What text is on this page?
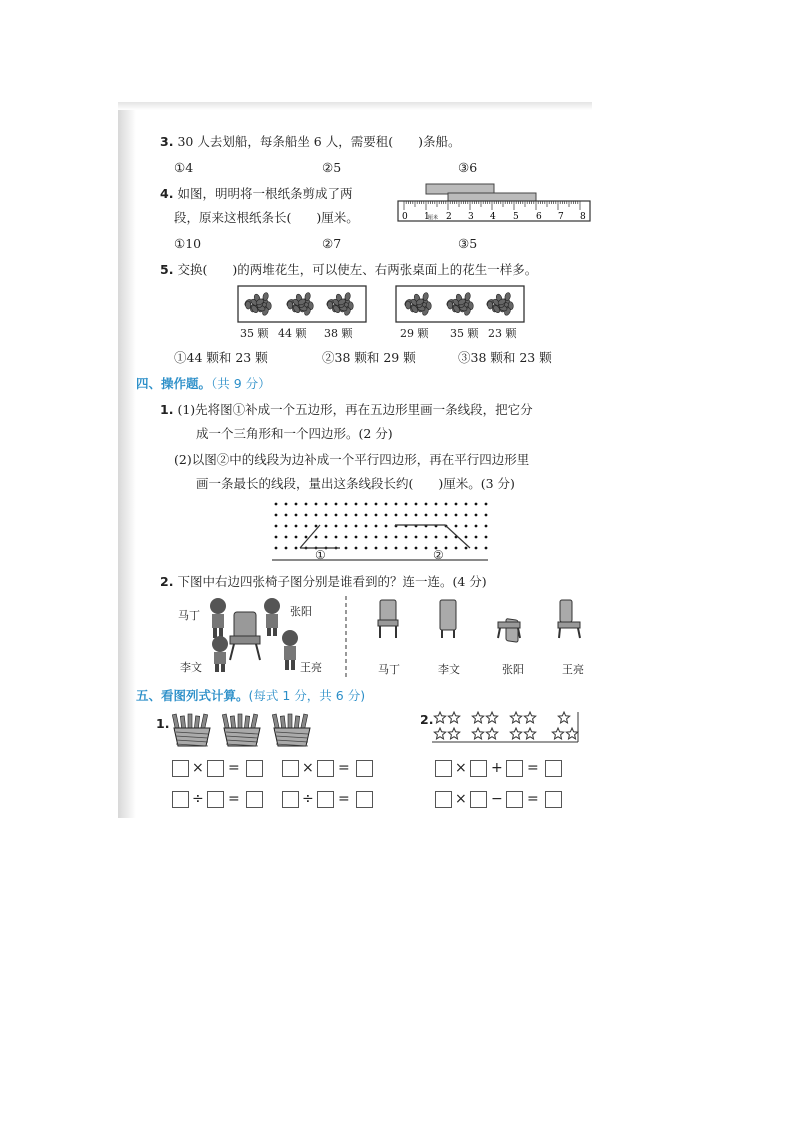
3. 30 人去划船，每条船坐 6 人，需要租(　　)条船。
①4	②5	③6
4. 如图，明明将一根纸条剪成了两
段，原来这根纸条长(　　)厘米。
①10	②7	③5
0 1
厘米 2 3 4 5 6 7 8
5. 交换(　　)的两堆花生，可以使左、右两张桌面上的花生一样多。
35 颗 44 颗 38 颗	29 颗 35 颗 23 颗
①44 颗和 23 颗	②38 颗和 29 颗	③38 颗和 23 颗
四、操作题。（共 9 分）
1. (1)先将图①补成一个五边形，再在五边形里画一条线段，把它分
成一个三角形和一个四边形。(2 分)
(2)以图②中的线段为边补成一个平行四边形，再在平行四边形里
画一条最长的线段，量出这条线段长约(　　)厘米。(3 分)
①	②
2. 下图中右边四张椅子图分别是谁看到的？连一连。(4 分)
马丁	张阳
李文	王亮	马丁	李文	张阳	王亮
五、看图列式计算。(每式 1 分，共 6 分)
1.	2.
× =	× =	× + =
÷ =	÷ =	× − =
